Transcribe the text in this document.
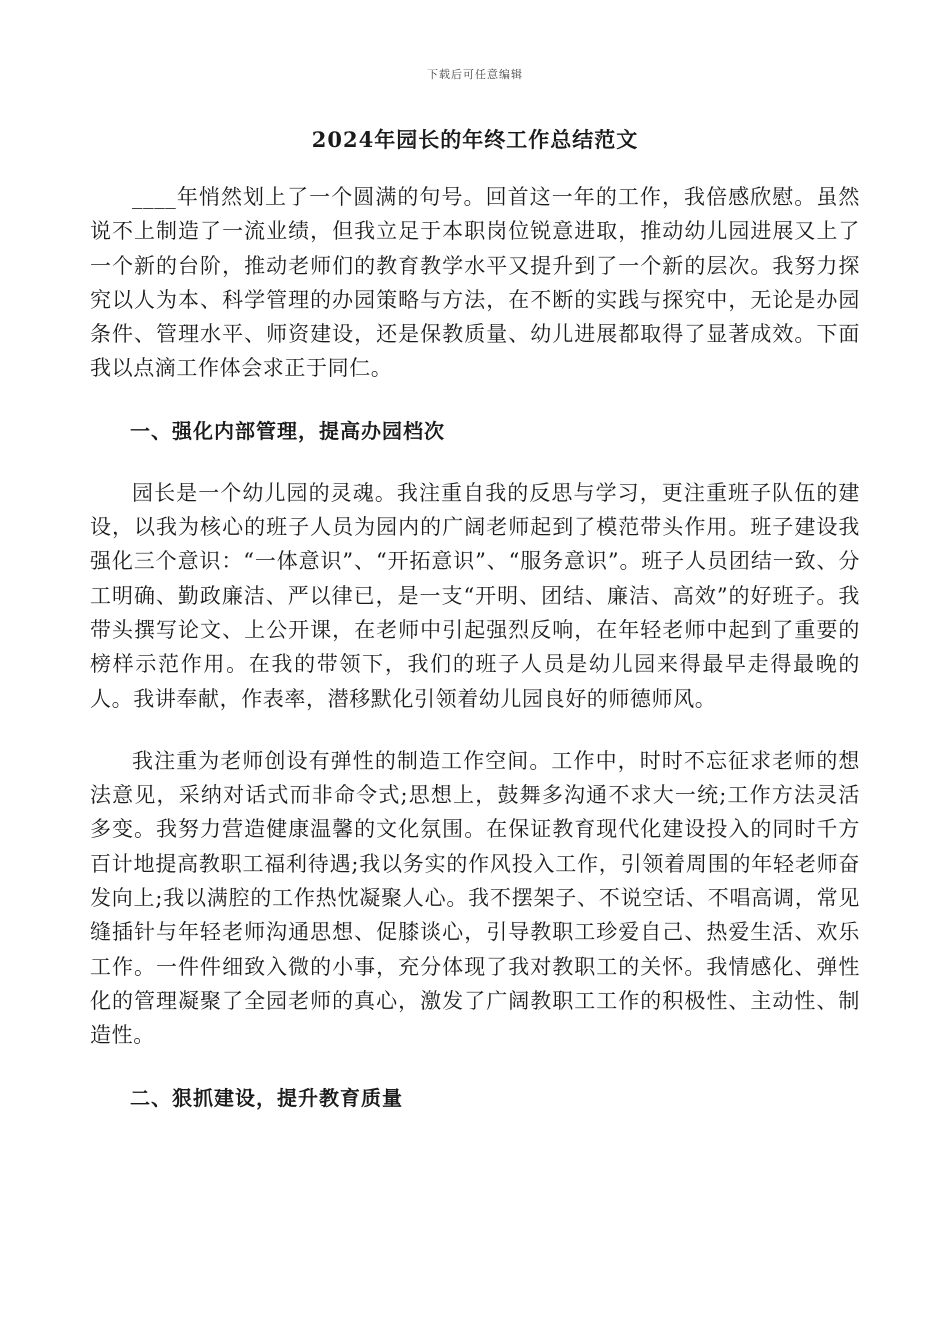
下载后可任意编辑
2024年园长的年终工作总结范文

____年悄然划上了一个圆满的句号。回首这一年的工作，我倍感欣慰。虽然说不上制造了一流业绩，但我立足于本职岗位锐意进取，推动幼儿园进展又上了一个新的台阶，推动老师们的教育教学水平又提升到了一个新的层次。我努力探究以人为本、科学管理的办园策略与方法，在不断的实践与探究中，无论是办园条件、管理水平、师资建设，还是保教质量、幼儿进展都取得了显著成效。下面我以点滴工作体会求正于同仁。

一、强化内部管理，提高办园档次

园长是一个幼儿园的灵魂。我注重自我的反思与学习，更注重班子队伍的建设，以我为核心的班子人员为园内的广阔老师起到了模范带头作用。班子建设我强化三个意识：“一体意识”、“开拓意识”、“服务意识”。班子人员团结一致、分工明确、勤政廉洁、严以律已，是一支“开明、团结、廉洁、高效”的好班子。我带头撰写论文、上公开课，在老师中引起强烈反响，在年轻老师中起到了重要的榜样示范作用。在我的带领下，我们的班子人员是幼儿园来得最早走得最晚的人。我讲奉献，作表率，潜移默化引领着幼儿园良好的师德师风。

我注重为老师创设有弹性的制造工作空间。工作中，时时不忘征求老师的想法意见，采纳对话式而非命令式;思想上，鼓舞多沟通不求大一统;工作方法灵活多变。我努力营造健康温馨的文化氛围。在保证教育现代化建设投入的同时千方百计地提高教职工福利待遇;我以务实的作风投入工作，引领着周围的年轻老师奋发向上;我以满腔的工作热忱凝聚人心。我不摆架子、不说空话、不唱高调，常见缝插针与年轻老师沟通思想、促膝谈心，引导教职工珍爱自己、热爱生活、欢乐工作。一件件细致入微的小事，充分体现了我对教职工的关怀。我情感化、弹性化的管理凝聚了全园老师的真心，激发了广阔教职工工作的积极性、主动性、制造性。

二、狠抓建设，提升教育质量
